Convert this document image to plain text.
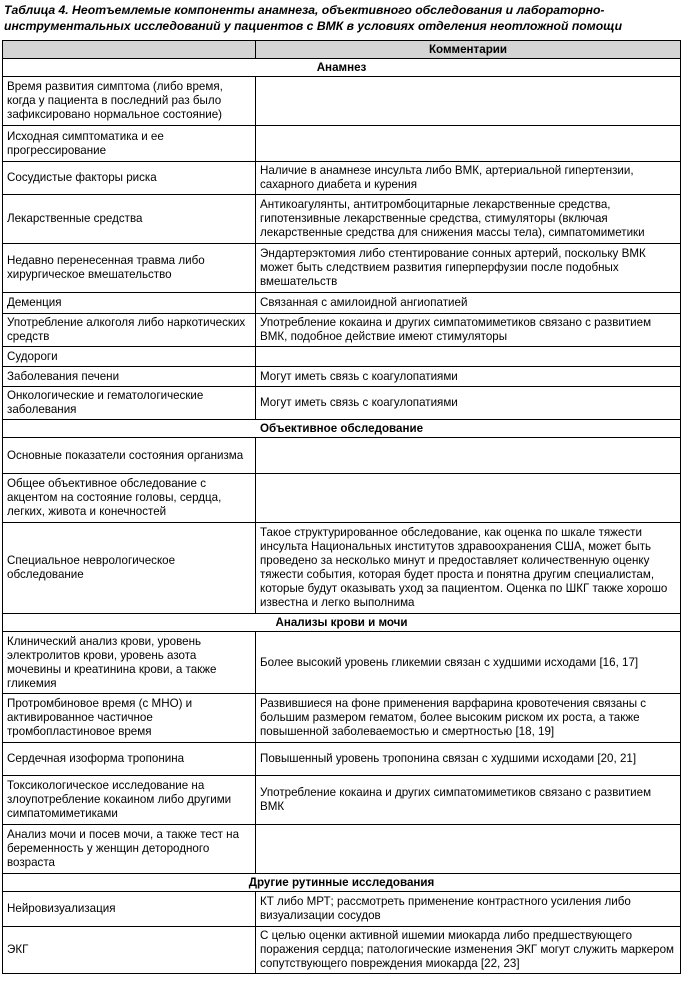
Таблица 4. Неотъемлемые компоненты анамнеза, объективного обследования и лабораторно-инструментальных исследований у пациентов с ВМК в условиях отделения неотложной помощи
	Комментарии
Анамнез	
Время развития симптома (либо время, когда у пациента в последний раз было зафиксировано нормальное состояние)	
Исходная симптоматика и ее прогрессирование	
Сосудистые факторы риска	Наличие в анамнезе инсульта либо ВМК, артериальной гипертензии, сахарного диабета и курения
Лекарственные средства	Антикоагулянты, антитромбоцитарные лекарственные средства, гипотензивные лекарственные средства, стимуляторы (включая лекарственные средства для снижения массы тела), симпатомиметики
Недавно перенесенная травма либо хирургическое вмешательство	Эндартерэктомия либо стентирование сонных артерий, поскольку ВМК может быть следствием развития гиперперфузии после подобных вмешательств
Деменция	Связанная с амилоидной ангиопатией
Употребление алкоголя либо наркотических средств	Употребление кокаина и других симпатомиметиков связано с развитием ВМК, подобное действие имеют стимуляторы
Судороги	
Заболевания печени	Могут иметь связь с коагулопатиями
Онкологические и гематологические заболевания	Могут иметь связь с коагулопатиями
Объективное обследование	
Основные показатели состояния организма	
Общее объективное обследование с акцентом на состояние головы, сердца, легких, живота и конечностей	
Специальное неврологическое обследование	Такое структурированное обследование, как оценка по шкале тяжести инсульта Национальных институтов здравоохранения США, может быть проведено за несколько минут и предоставляет количественную оценку тяжести события, которая будет проста и понятна другим специалистам, которые будут оказывать уход за пациентом. Оценка по ШКГ также хорошо известна и легко выполнима
Анализы крови и мочи	
Клинический анализ крови, уровень электролитов крови, уровень азота мочевины и креатинина крови, а также гликемия	Более высокий уровень гликемии связан с худшими исходами [16, 17]
Протромбиновое время (с МНО) и активированное частичное тромбопластиновое время	Развившиеся на фоне применения варфарина кровотечения связаны с большим размером гематом, более высоким риском их роста, а также повышенной заболеваемостью и смертностью [18, 19]
Сердечная изоформа тропонина	Повышенный уровень тропонина связан с худшими исходами [20, 21]
Токсикологическое исследование на злоупотребление кокаином либо другими симпатомиметиками	Употребление кокаина и других симпатомиметиков связано с развитием ВМК
Анализ мочи и посев мочи, а также тест на беременность у женщин детородного возраста	
Другие рутинные исследования	
Нейровизуализация	КТ либо МРТ; рассмотреть применение контрастного усиления либо визуализации сосудов
ЭКГ	С целью оценки активной ишемии миокарда либо предшествующего поражения сердца; патологические изменения ЭКГ могут служить маркером сопутствующего повреждения миокарда [22, 23]
